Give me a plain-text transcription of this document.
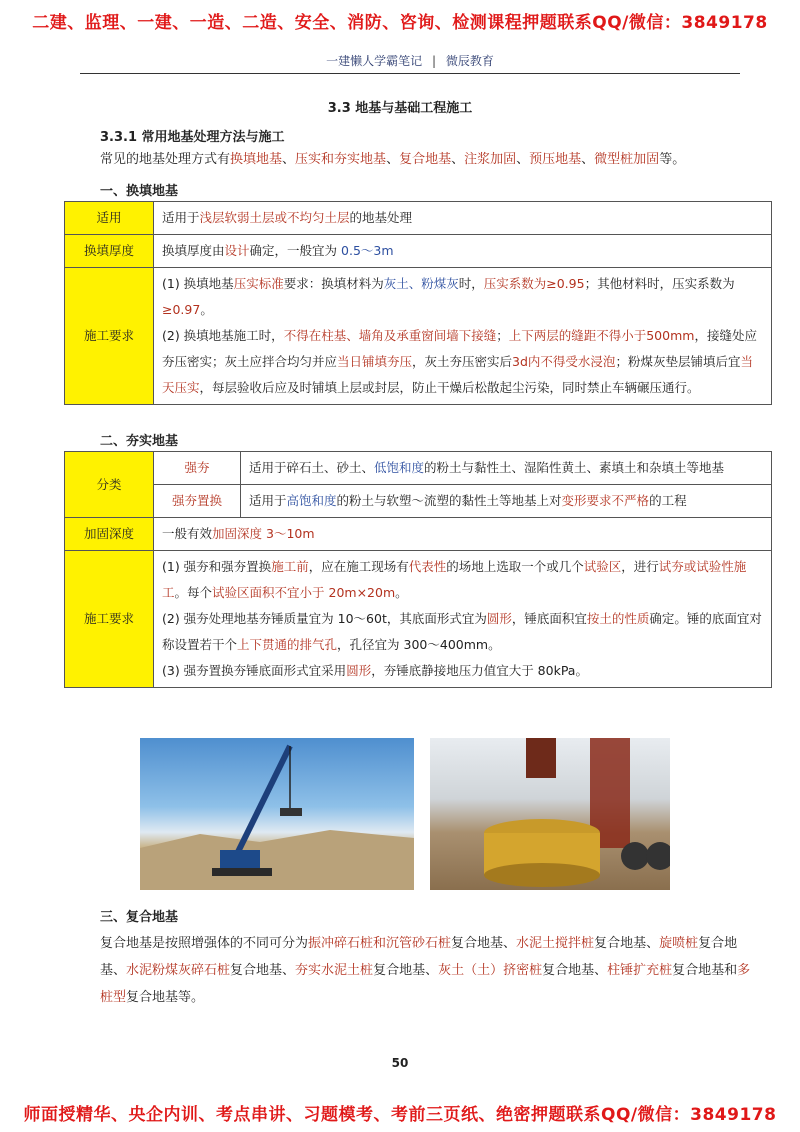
二建、监理、一建、一造、二造、安全、消防、咨询、检测课程押题联系QQ/微信：3849178
一建懒人学霸笔记 | 微辰教育
3.3 地基与基础工程施工
3.3.1 常用地基处理方法与施工
常见的地基处理方式有换填地基、压实和夯实地基、复合地基、注浆加固、预压地基、微型桩加固等。
一、换填地基
适用	适用于浅层软弱土层或不均匀土层的地基处理
换填厚度	换填厚度由设计确定，一般宜为 0.5～3m
施工要求	(1) 换填地基压实标准要求：换填材料为灰土、粉煤灰时，压实系数为≥0.95；其他材料时，压实系数为≥0.97。
(2) 换填地基施工时，不得在柱基、墙角及承重窗间墙下接缝；上下两层的缝距不得小于500mm，接缝处应夯压密实；灰土应拌合均匀并应当日铺填夯压，灰土夯压密实后3d内不得受水浸泡；粉煤灰垫层铺填后宜当天压实，每层验收后应及时铺填上层或封层，防止干燥后松散起尘污染，同时禁止车辆碾压通行。
二、夯实地基
分类	强夯	适用于碎石土、砂土、低饱和度的粉土与黏性土、湿陷性黄土、素填土和杂填土等地基
	强夯置换	适用于高饱和度的粉土与软塑～流塑的黏性土等地基上对变形要求不严格的工程
加固深度	一般有效加固深度 3～10m	
施工要求	(1) 强夯和强夯置换施工前，应在施工现场有代表性的场地上选取一个或几个试验区，进行试夯或试验性施工。每个试验区面积不宜小于 20m×20m。
(2) 强夯处理地基夯锤质量宜为 10～60t，其底面形式宜为圆形，锤底面积宜按土的性质确定。锤的底面宜对称设置若干个上下贯通的排气孔，孔径宜为 300～400mm。
(3) 强夯置换夯锤底面形式宜采用圆形，夯锤底静接地压力值宜大于 80kPa。	
三、复合地基
复合地基是按照增强体的不同可分为振冲碎石桩和沉管砂石桩复合地基、水泥土搅拌桩复合地基、旋喷桩复合地基、水泥粉煤灰碎石桩复合地基、夯实水泥土桩复合地基、灰土（土）挤密桩复合地基、柱锤扩充桩复合地基和多桩型复合地基等。
50
师面授精华、央企内训、考点串讲、习题模考、考前三页纸、绝密押题联系QQ/微信：3849178
